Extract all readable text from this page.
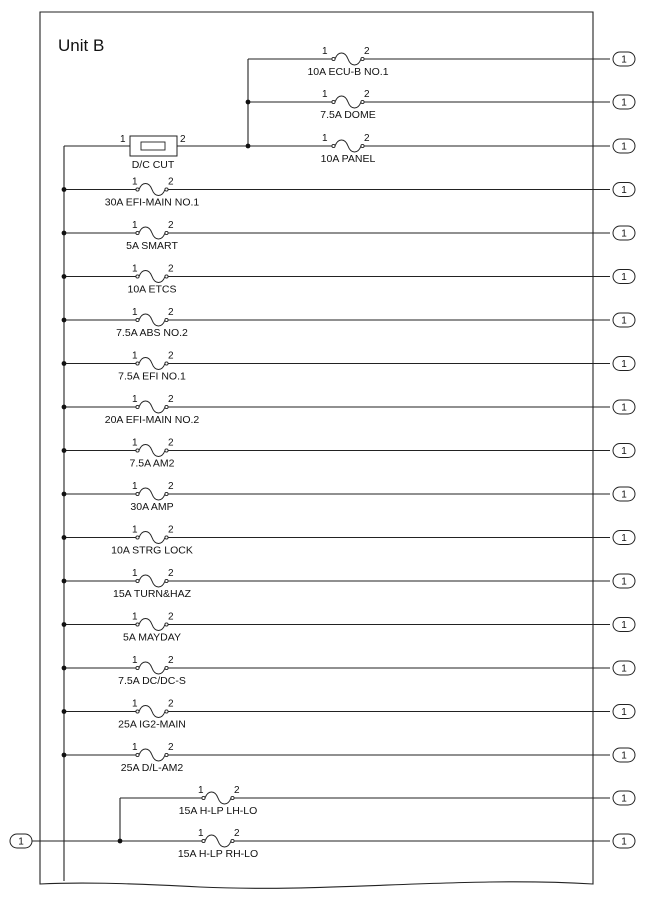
Unit B
1	2
D/C CUT
1	2
10A ECU-B NO.1
1
1	2
7.5A DOME
1
1	2
10A PANEL
1
1	2
30A EFI-MAIN NO.1
1
1	2
5A SMART
1
1	2
10A ETCS
1
1	2
7.5A ABS NO.2
1
1	2
7.5A EFI NO.1
1
1	2
20A EFI-MAIN NO.2
1
1	2
7.5A AM2
1
1	2
30A AMP
1
1	2
10A STRG LOCK
1
1	2
15A TURN&HAZ
1
1	2
5A MAYDAY
1
1	2
7.5A DC/DC-S
1
1	2
25A IG2-MAIN
1
1	2
25A D/L-AM2
1
1	2
15A H-LP LH-LO
1	2
15A H-LP RH-LO
1
1
1
